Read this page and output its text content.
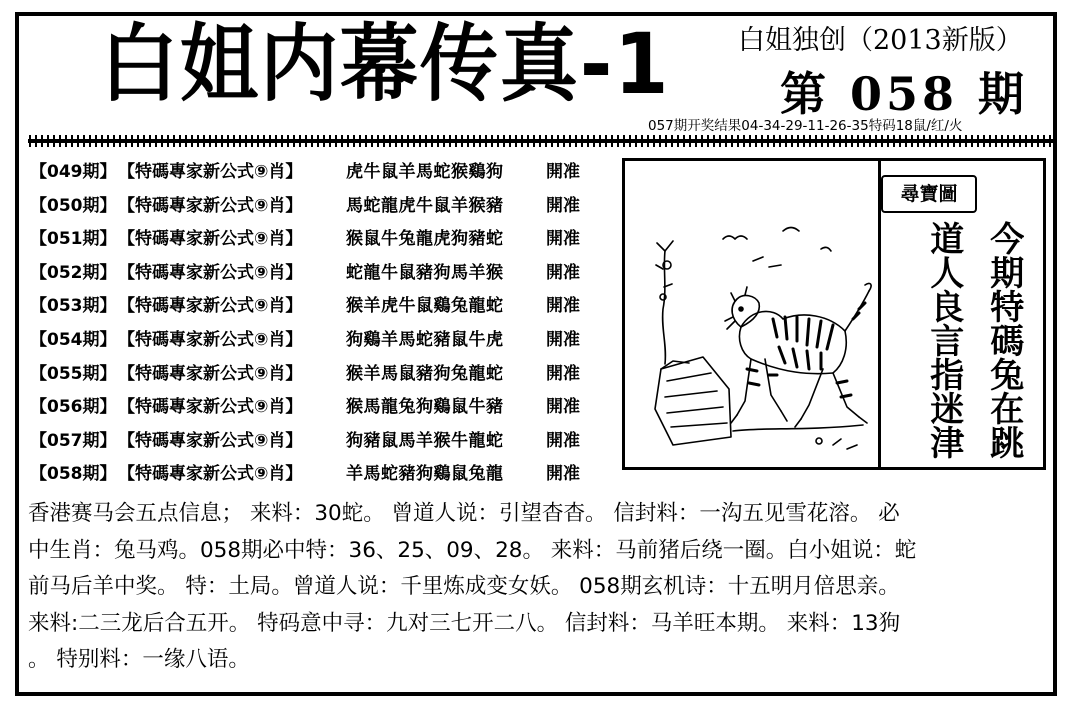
白姐内幕传真-1	白姐独创（2013新版）
第 058 期
057期开奖结果04-34-29-11-26-35特码18鼠/红/火
【049期】【特碼專家新公式⑨肖】	虎牛鼠羊馬蛇猴鷄狗	開准
【050期】【特碼專家新公式⑨肖】	馬蛇龍虎牛鼠羊猴豬	開准
【051期】【特碼專家新公式⑨肖】	猴鼠牛兔龍虎狗豬蛇	開准
【052期】【特碼專家新公式⑨肖】	蛇龍牛鼠豬狗馬羊猴	開准
【053期】【特碼專家新公式⑨肖】	猴羊虎牛鼠鷄兔龍蛇	開准
【054期】【特碼專家新公式⑨肖】	狗鷄羊馬蛇豬鼠牛虎	開准
【055期】【特碼專家新公式⑨肖】	猴羊馬鼠豬狗兔龍蛇	開准
【056期】【特碼專家新公式⑨肖】	猴馬龍兔狗鷄鼠牛豬	開准
【057期】【特碼專家新公式⑨肖】	狗豬鼠馬羊猴牛龍蛇	開准
【058期】【特碼專家新公式⑨肖】	羊馬蛇豬狗鷄鼠兔龍	開准
尋寶圖
今期特碼兔在跳
道人良言指迷津
香港赛马会五点信息； 来料：30蛇。 曾道人说：引望杳杳。 信封料：一沟五见雪花溶。 必
中生肖：兔马鸡。058期必中特：36、25、09、28。 来料：马前猪后绕一圈。白小姐说：蛇
前马后羊中奖。 特：土局。曾道人说：千里炼成变女妖。 058期玄机诗：十五明月倍思亲。
来料:二三龙后合五开。 特码意中寻：九对三七开二八。 信封料：马羊旺本期。 来料：13狗
。 特别料：一缘八语。
